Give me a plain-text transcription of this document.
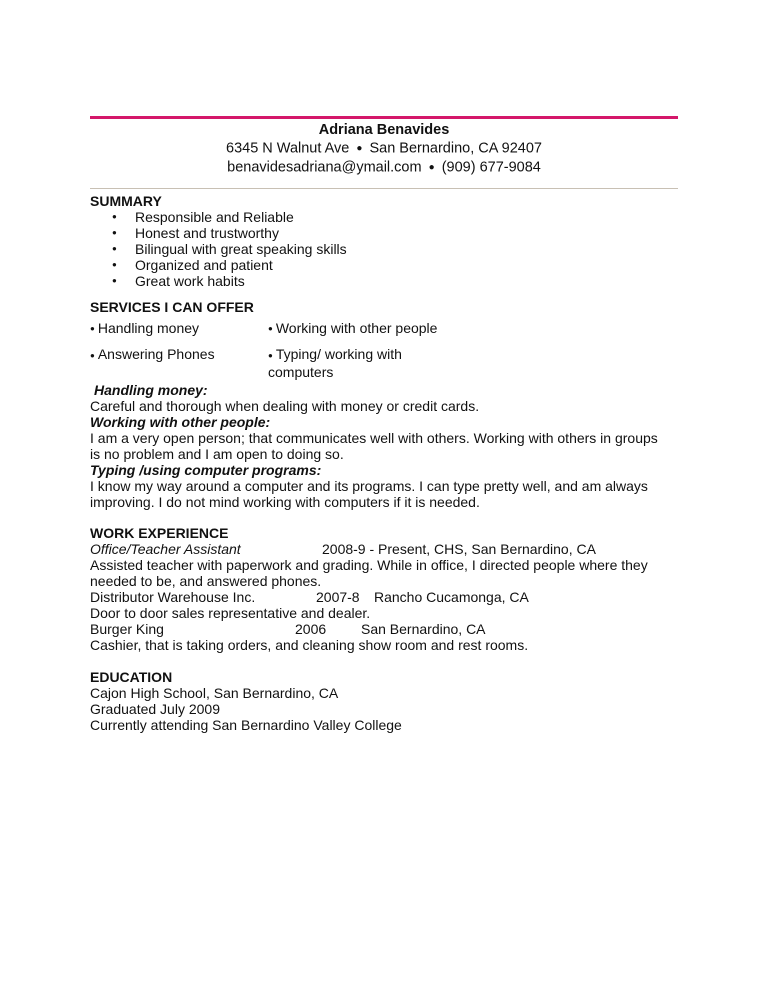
Adriana Benavides
6345 N Walnut Ave ● San Bernardino, CA 92407
benavidesadriana@ymail.com ● (909) 677-9084
SUMMARY
● Responsible and Reliable
● Honest and trustworthy
● Bilingual with great speaking skills
● Organized and patient
● Great work habits
SERVICES I CAN OFFER
● Handling money	● Working with other people
● Answering Phones	● Typing/ working with computers
Handling money:
Careful and thorough when dealing with money or credit cards.
Working with other people:
I am a very open person; that communicates well with others. Working with others in groups is no problem and I am open to doing so.
Typing /using computer programs:
I know my way around a computer and its programs. I can type pretty well, and am always improving. I do not mind working with computers if it is needed.
WORK EXPERIENCE
Office/Teacher Assistant	2008-9 - Present, CHS, San Bernardino, CA
Assisted teacher with paperwork and grading. While in office, I directed people where they needed to be, and answered phones.
Distributor Warehouse Inc.	2007-8 Rancho Cucamonga, CA
Door to door sales representative and dealer.
Burger King	2006 San Bernardino, CA
Cashier, that is taking orders, and cleaning show room and rest rooms.
EDUCATION
Cajon High School, San Bernardino, CA
Graduated July 2009
Currently attending San Bernardino Valley College
